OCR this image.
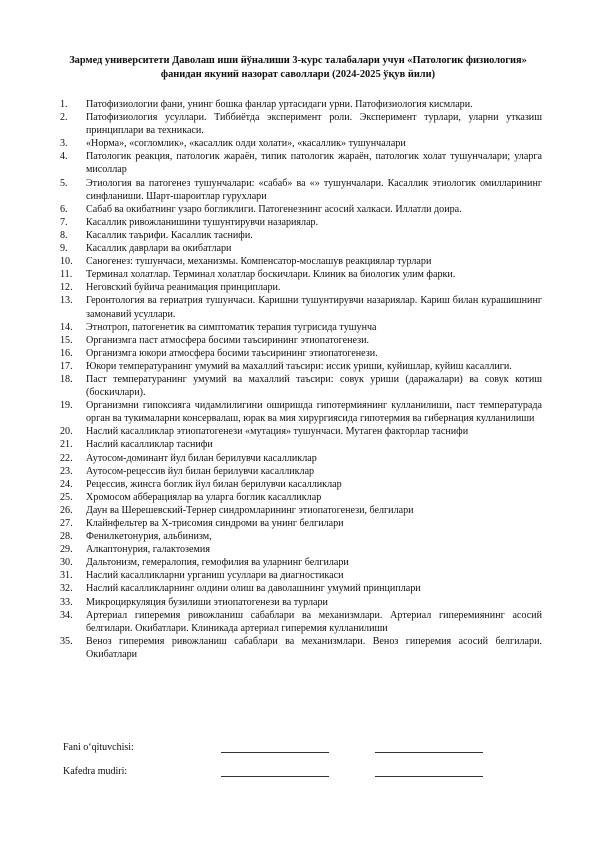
Зармед университети Даволаш иши йўналиши 3-курс талабалари учун «Патологик физиология» фанидан якуний назорат саволлари (2024-2025 ўқув йили)
1.	Патофизиологии фани, унинг бошка фанлар уртасидаги урни. Патофизиология кисмлари.
2.	Патофизиология усуллари. Тиббиётда эксперимент роли. Эксперимент турлари, уларни утказиш принциплари ва техникаси.
3.	«Норма», «согломлик», «касаллик олди холати», «касаллик» тушунчалари
4.	Патологик реакция, патологик жараён, типик патологик жараён, патологик холат тушунчалари; уларга мисоллар
5.	Этиология ва патогенез тушунчалари: «сабаб» ва «» тушунчалари. Касаллик этиологик омилларининг синфланиши. Шарт-шароитлар гурухлари
6.	Сабаб ва окибатнинг узаро богликлиги. Патогенезнинг асосий халкаси. Иллатли доира.
7.	Касаллик ривожланишини тушунтирувчи назариялар.
8.	Касаллик таърифи. Касаллик таснифи.
9.	Касаллик даврлари ва окибатлари
10.	Саногенез: тушунчаси, механизмы. Компенсатор-мослашув реакциялар турлари
11.	Терминал холатлар. Терминал холатлар боскичлари. Клиник ва биологик улим фарки.
12.	Неговский буйича реанимация принциплари.
13.	Геронтология ва гериатрия тушунчаси. Каришни тушунтирувчи назариялар. Кариш билан курашишнинг замонавий усуллари.
14.	Этнотроп, патогенетик ва симптоматик терапия тугрисида тушунча
15.	Организмга паст атмосфера босими таъсирининг этиопатогенези.
16.	Организмга юкори атмосфера босими таъсирининг этиопатогенези.
17.	Юкори температуранинг умумий ва махаллий таъсири: иссик уриши, куйишлар, куйиш касаллиги.
18.	Паст температуранинг умумий ва махаллий таъсири: совук уриши (даражалари) ва совук котиш (боскичлари).
19.	Организмни гипоксияга чидамлилигини оширишда гипотермиянинг кулланилиши, паст температурада орган ва тукималарни консервалаш, юрак ва мия хирургиясида гипотермия ва гибернация кулланилиши
20.	Наслий касалликлар этиопатогенези «мутация» тушунчаси. Мутаген факторлар таснифи
21.	Наслий касалликлар таснифи
22.	Аутосом-доминант йул билан берилувчи касалликлар
23.	Аутосом-рецессив йул билан берилувчи касалликлар
24.	Рецессив, жинсга боглик йул билан берилувчи касалликлар
25.	Хромосом абберациялар ва уларга боглик касалликлар
26.	Даун ва Шерешевский-Тернер синдромларининг этиопатогенези, белгилари
27.	Клайнфельтер ва Х-трисомия синдроми ва унинг белгилари
28.	Фенилкетонурия, альбинизм,
29.	Алкаптонурия, галактоземия
30.	Дальтонизм, гемералопия, гемофилия ва уларнинг белгилари
31.	Наслий касалликларни урганиш усуллари ва диагностикаси
32.	Наслий касалликларнинг олдини олиш ва даволашнинг умумий принциплари
33.	Микроциркуляция бузилиши этиопатогенези ва турлари
34.	Артериал гиперемия ривожланиш сабаблари ва механизмлари. Артериал гиперемиянинг асосий белгилари. Окибатлари. Клиникада артериал гиперемия кулланилиши
35.	Веноз гиперемия ривожланиш сабаблари ва механизмлари. Веноз гиперемия асосий белгилари. Окибатлари
Fani o‘qituvchisi:
Kafedra mudiri:
